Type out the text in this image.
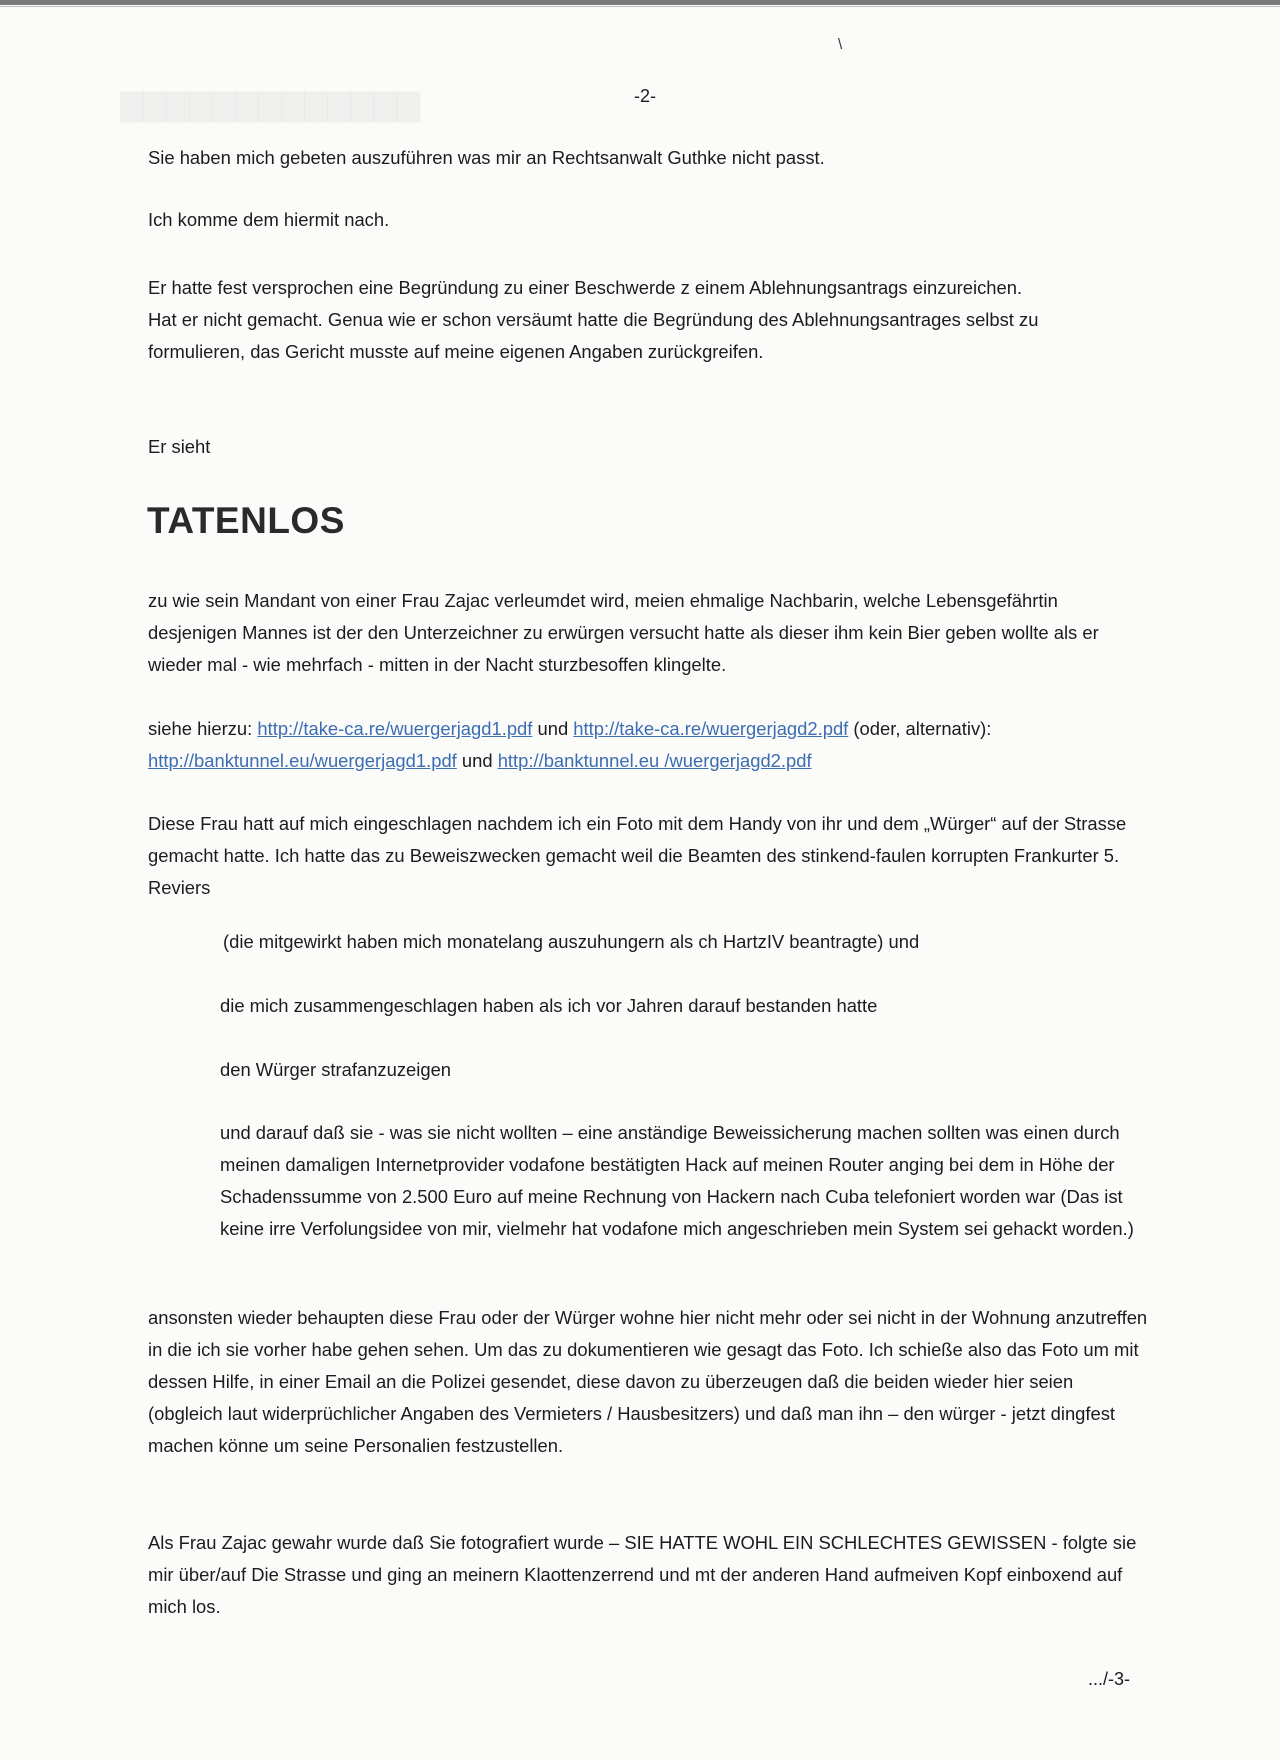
▇▇▇▇▇▇▇▇▇▇▇▇▇
\
-2-

Sie haben mich gebeten auszuführen was mir an Rechtsanwalt Guthke nicht passt.

Ich komme dem hiermit nach.

Er hatte fest versprochen eine Begründung zu einer Beschwerde z einem Ablehnungsantrags einzureichen. Hat er nicht gemacht. Genua wie er schon versäumt hatte die Begründung des Ablehnungsantrages selbst zu formulieren, das Gericht musste auf meine eigenen Angaben zurückgreifen.

Er sieht

TATENLOS

zu wie sein Mandant von einer Frau Zajac verleumdet wird, meien ehmalige Nachbarin, welche Lebensgefährtin desjenigen Mannes ist der den Unterzeichner zu erwürgen versucht hatte als dieser ihm kein Bier geben wollte als er wieder mal - wie mehrfach - mitten in der Nacht sturzbesoffen klingelte.

siehe hierzu: http://take-ca.re/wuergerjagd1.pdf und http://take-ca.re/wuergerjagd2.pdf (oder, alternativ): http://banktunnel.eu/wuergerjagd1.pdf und http://banktunnel.eu /wuergerjagd2.pdf

Diese Frau hatt auf mich eingeschlagen nachdem ich ein Foto mit dem Handy von ihr und dem „Würger“ auf der Strasse gemacht hatte. Ich hatte das zu Beweiszwecken gemacht weil die Beamten des stinkend-faulen korrupten Frankurter 5. Reviers

(die mitgewirkt haben mich monatelang auszuhungern als ch HartzIV beantragte) und

die mich zusammengeschlagen haben als ich vor Jahren darauf bestanden hatte

den Würger strafanzuzeigen

und darauf daß sie - was sie nicht wollten – eine anständige Beweissicherung machen sollten was einen durch meinen damaligen Internetprovider vodafone bestätigten Hack auf meinen Router anging bei dem in Höhe der Schadenssumme von 2.500 Euro auf meine Rechnung von Hackern nach Cuba telefoniert worden war (Das ist keine irre Verfolungsidee von mir, vielmehr hat vodafone mich angeschrieben mein System sei gehackt worden.)

ansonsten wieder behaupten diese Frau oder der Würger wohne hier nicht mehr oder sei nicht in der Wohnung anzutreffen in die ich sie vorher habe gehen sehen. Um das zu dokumentieren wie gesagt das Foto. Ich schieße also das Foto um mit dessen Hilfe, in einer Email an die Polizei gesendet, diese davon zu überzeugen daß die beiden wieder hier seien (obgleich laut widerprüchlicher Angaben des Vermieters / Hausbesitzers) und daß man ihn – den würger - jetzt dingfest machen könne um seine Personalien festzustellen.

Als Frau Zajac gewahr wurde daß Sie fotografiert wurde – SIE HATTE WOHL EIN SCHLECHTES GEWISSEN - folgte sie mir über/auf Die Strasse und ging an meinern Klaottenzerrend und mt der anderen Hand aufmeiven Kopf einboxend auf mich los.

.../-3-
